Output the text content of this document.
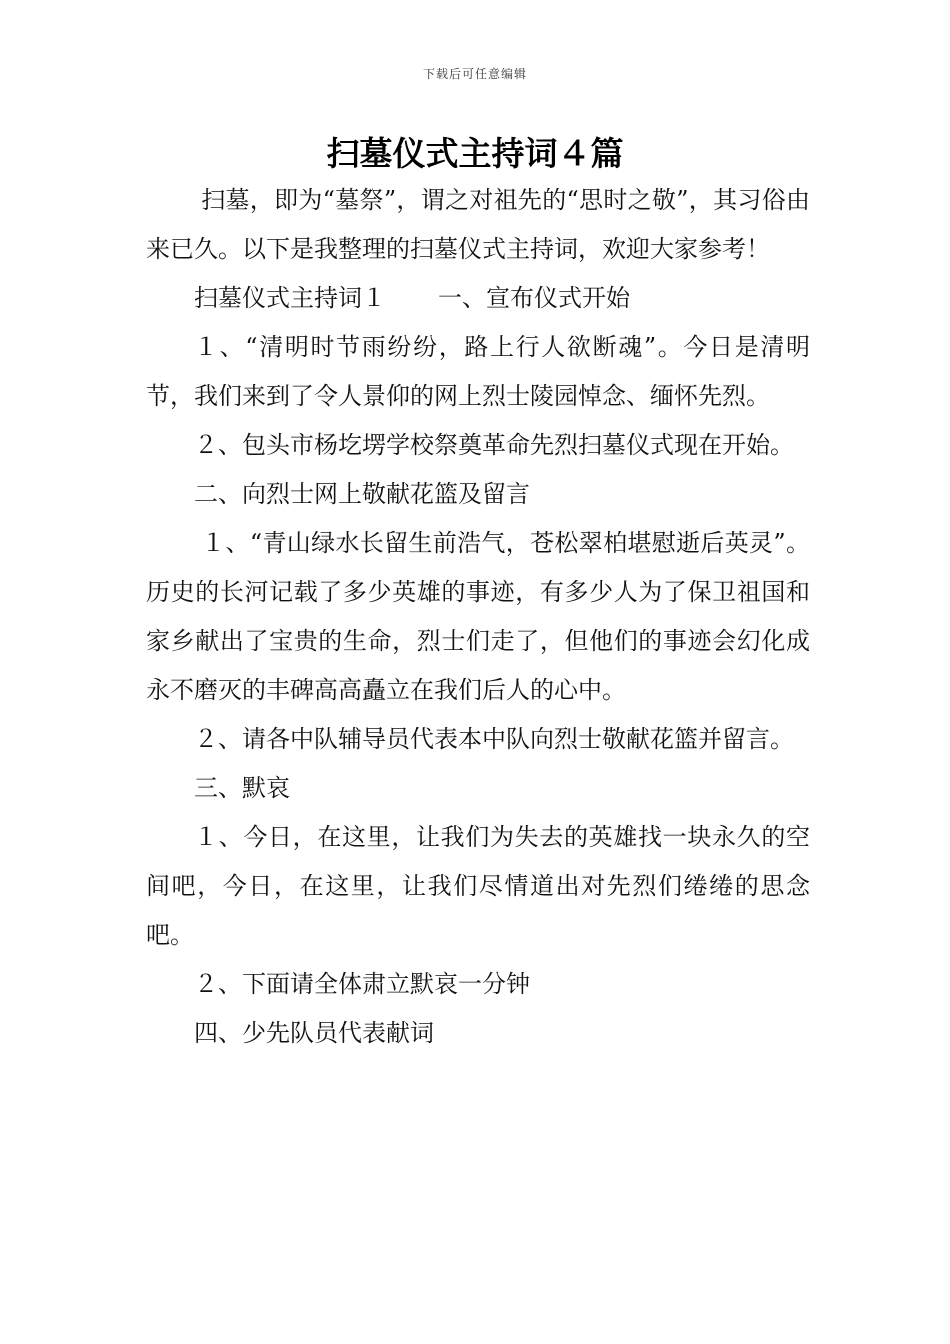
下载后可任意编辑
扫墓仪式主持词４篇

扫墓，即为“墓祭”，谓之对祖先的“思时之敬”，其习俗由来已久。以下是我整理的扫墓仪式主持词，欢迎大家参考！

扫墓仪式主持词１ 一、宣布仪式开始

１、“清明时节雨纷纷，路上行人欲断魂”。今日是清明节，我们来到了令人景仰的网上烈士陵园悼念、缅怀先烈。

２、包头市杨圪塄学校祭奠革命先烈扫墓仪式现在开始。

二、向烈士网上敬献花篮及留言

１、“青山绿水长留生前浩气，苍松翠柏堪慰逝后英灵”。历史的长河记载了多少英雄的事迹，有多少人为了保卫祖国和家乡献出了宝贵的生命，烈士们走了，但他们的事迹会幻化成永不磨灭的丰碑高高矗立在我们后人的心中。

２、请各中队辅导员代表本中队向烈士敬献花篮并留言。

三、默哀

１、今日，在这里，让我们为失去的英雄找一块永久的空间吧，今日，在这里，让我们尽情道出对先烈们绻绻的思念吧。

２、下面请全体肃立默哀一分钟

四、少先队员代表献词
